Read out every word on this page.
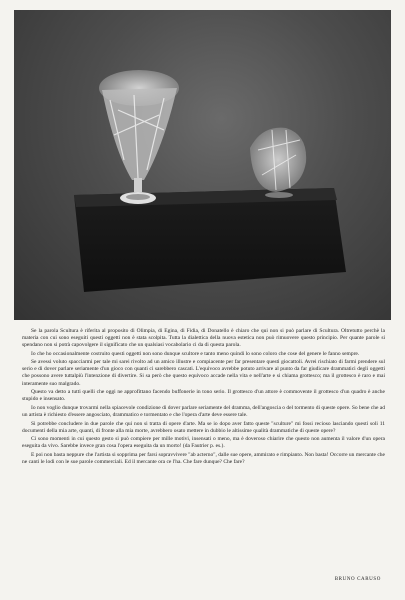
Se la parola Scultura è riferita al proposito di Olimpia, di Egina, di Fidia, di Donatello è chiaro che qui non si può parlare di Scultura. Oltretutto perchè la materia con cui sono eseguiti questi oggetti non è stata scolpita. Tutta la dialettica della nuova estetica non può rimuovere questo principio. Per quante parole si spendano non si potrà capovolgere il significato che un qualsiasi vocabolario ci da di questa parola.

Io che ho occasionalmente costruito questi oggetti non sono dunque scultore e tanto meno quindi lo sono coloro che cose del genere le fanno sempre.

Se avessi voluto spacciarmi per tale mi sarei rivolto ad un amico illustre e compiacente per far presentare questi giocattoli. Avrei rischiato di farmi prendere sul serio e di dover parlare seriamente d'un gioco con quanti ci sarebbero cascati. L'equivoco avrebbe potuto arrivare al punto da far giudicare drammatici degli oggetti che possono avere tuttalpiù l'intenzione di divertire. Si sa però che questo equivoco accade nella vita e nell'arte e si chiama grottesco; ma il grottesco è raro e mai interamente suo malgrado.

Questo va detto a tutti quelli che oggi ne approfittano facendo buffonerie in tono serio. Il grottesco d'un attore è commovente il grottesco d'un quadro è anche stupido e insensato.

Io non voglio dunque trovarmi nella spiacevole condizione di dover parlare seriamente del dramma, dell'angoscia o del tormento di queste opere. So bene che ad un artista è richiesto d'essere angosciato, drammatico e tormentato e che l'opera d'arte deve essere tale.

Si potrebbe concludere in due parole che qui non si tratta di opere d'arte. Ma se io dopo aver fatto queste "sculture" mi fossi recioso lasciando questi soli 11 documenti della mia arte, quanti, di fronte alla mia morte, avrebbero osato mettere in dubbio le altissime qualità drammatiche di queste opere?

Ci sono momenti in cui questo gesto si può compiere per mille motivi, insensati o meno, ma è doveroso chiarire che questo non aumenta il valore d'un opera eseguita da vivo. Sarebbe invece gran cosa l'opera eseguita da un morto! (da Fautrier p. es.).

E poi non basta neppure che l'artista si sopprima per farsi sopravvivere "ab acterno", dalle sue opere, ammirato e rimpianto. Non basta! Occorre un mercante che ne canti le lodi con le sue parole commerciali. Ed il mercante ora ce l'ha. Che fare dunque? Che fare?

BRUNO CARUSO
